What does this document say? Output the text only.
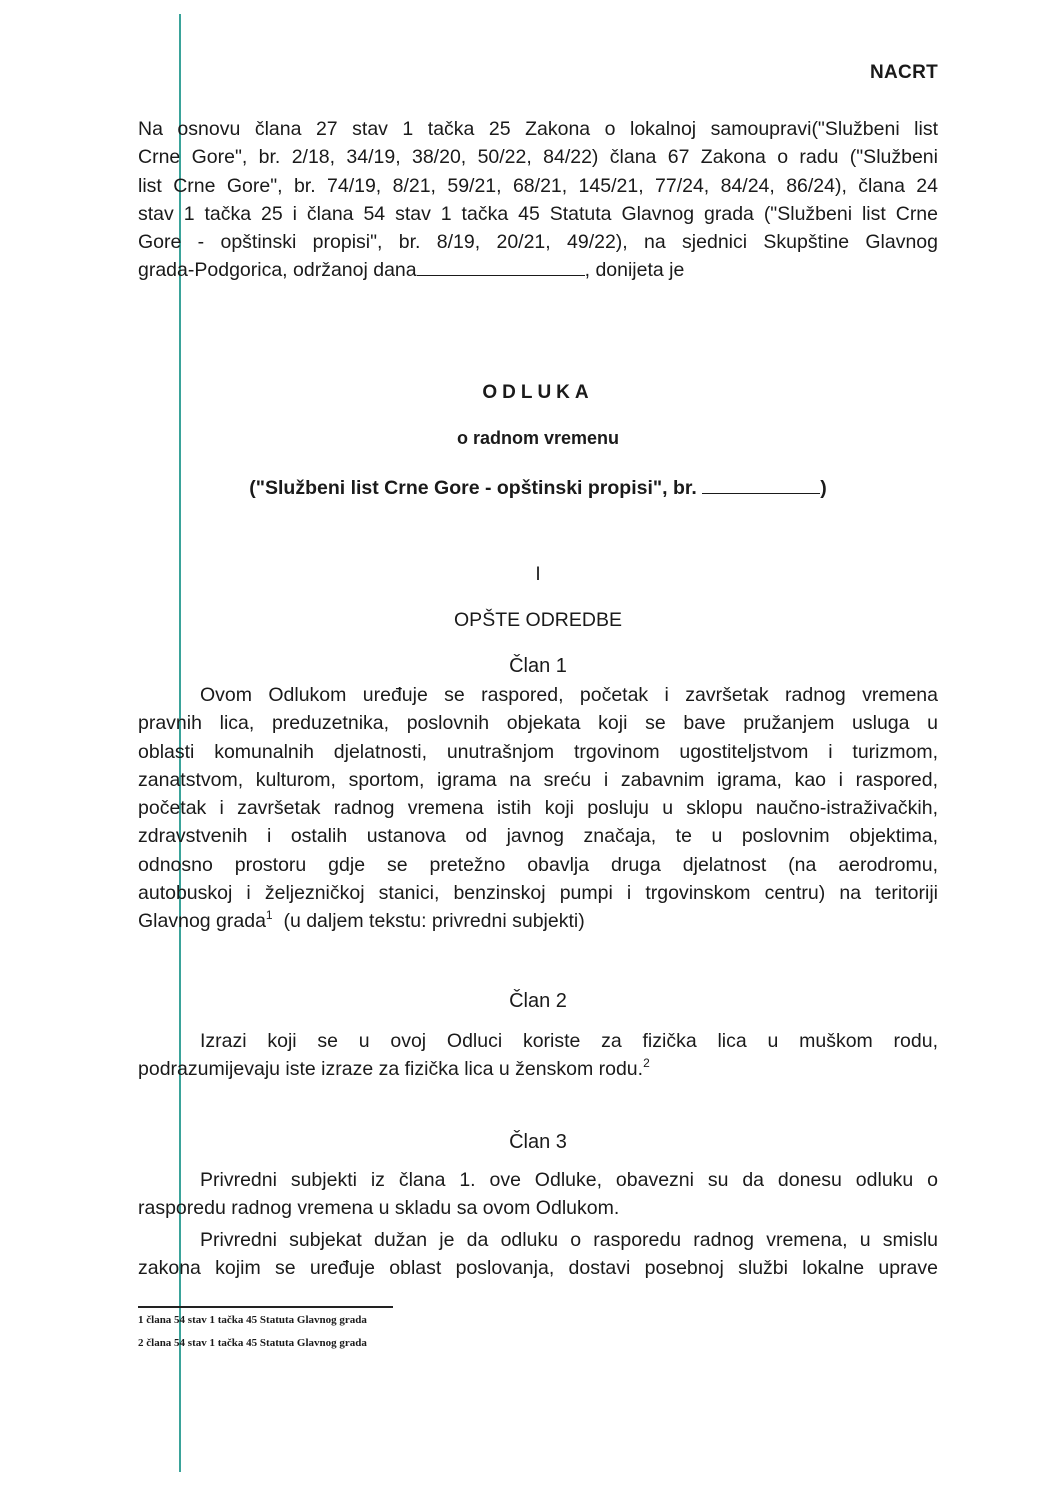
NACRT
Na osnovu člana 27 stav 1 tačka 25 Zakona o lokalnoj samoupravi("Službeni list
Crne Gore", br. 2/18, 34/19, 38/20, 50/22, 84/22) člana 67 Zakona o radu ("Službeni
list Crne Gore", br. 74/19, 8/21, 59/21, 68/21, 145/21, 77/24, 84/24, 86/24), člana 24
stav 1 tačka 25 i člana 54 stav 1 tačka 45 Statuta Glavnog grada ("Službeni list Crne
Gore - opštinski propisi", br. 8/19, 20/21, 49/22), na sjednici Skupštine Glavnog
grada-Podgorica, održanoj dana	, donijeta je
ODLUKA
o radnom vremenu
("Službeni list Crne Gore - opštinski propisi", br.	)
I
OPŠTE ODREDBE
Član 1
Ovom Odlukom uređuje se raspored, početak i završetak radnog vremena
pravnih lica, preduzetnika, poslovnih objekata koji se bave pružanjem usluga u
oblasti komunalnih djelatnosti, unutrašnjom trgovinom ugostiteljstvom i turizmom,
zanatstvom, kulturom, sportom, igrama na sreću i zabavnim igrama, kao i raspored,
početak i završetak radnog vremena istih koji posluju u sklopu naučno-istraživačkih,
zdravstvenih i ostalih ustanova od javnog značaja, te u poslovnim objektima,
odnosno prostoru gdje se pretežno obavlja druga djelatnost (na aerodromu,
autobuskoj i željezničkoj stanici, benzinskoj pumpi i trgovinskom centru) na teritoriji
Glavnog grada$^1$  (u daljem tekstu: privredni subjekti)
Član 2
Izrazi koji se u ovoj Odluci koriste za fizička lica u muškom rodu,
podrazumijevaju iste izraze za fizička lica u ženskom rodu.$^2$
Član 3
Privredni subjekti iz člana 1. ove Odluke, obavezni su da donesu odluku o
rasporedu radnog vremena u skladu sa ovom Odlukom.
Privredni subjekat dužan je da odluku o rasporedu radnog vremena, u smislu
zakona kojim se uređuje oblast poslovanja, dostavi posebnoj službi lokalne uprave
1 člana 54 stav 1 tačka 45 Statuta Glavnog grada
2 člana 54 stav 1 tačka 45 Statuta Glavnog grada
